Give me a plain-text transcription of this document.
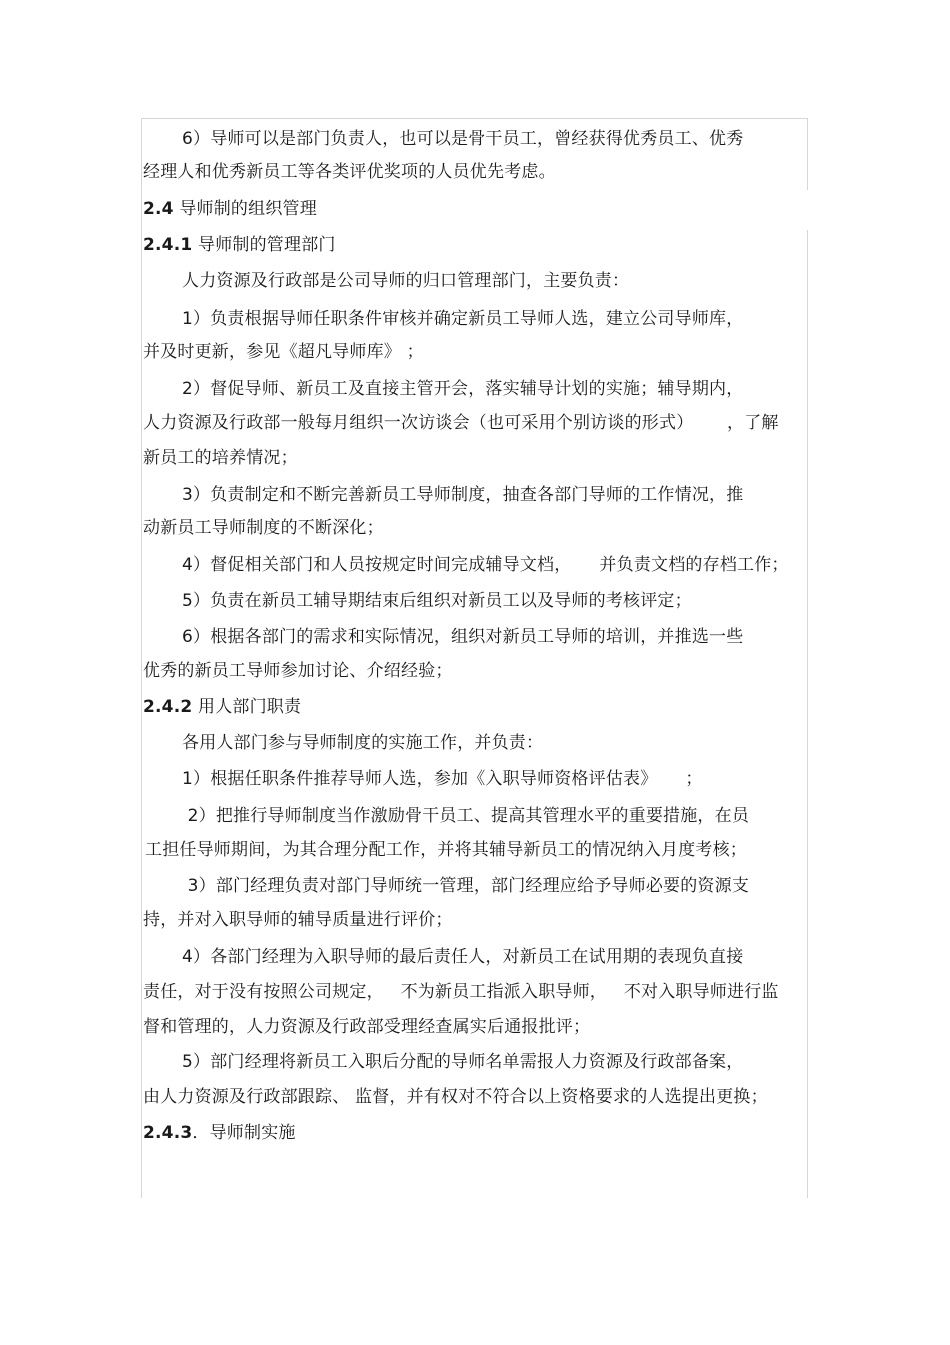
6）导师可以是部门负责人，也可以是骨干员工，曾经获得优秀员工、优秀
经理人和优秀新员工等各类评优奖项的人员优先考虑。
2.4 导师制的组织管理
2.4.1 导师制的管理部门
人力资源及行政部是公司导师的归口管理部门，主要负责：
1）负责根据导师任职条件审核并确定新员工导师人选，建立公司导师库，
并及时更新，参见《超凡导师库》 ；
2）督促导师、新员工及直接主管开会，落实辅导计划的实施；辅导期内，
人力资源及行政部一般每月组织一次访谈会（也可采用个别访谈的形式）      ，了解
新员工的培养情况；
3）负责制定和不断完善新员工导师制度，抽查各部门导师的工作情况，推
动新员工导师制度的不断深化；
4）督促相关部门和人员按规定时间完成辅导文档，     并负责文档的存档工作；
5）负责在新员工辅导期结束后组织对新员工以及导师的考核评定；
6）根据各部门的需求和实际情况，组织对新员工导师的培训，并推选一些
优秀的新员工导师参加讨论、介绍经验；
2.4.2 用人部门职责
各用人部门参与导师制度的实施工作，并负责：
1）根据任职条件推荐导师人选，参加《入职导师资格评估表》     ；
2）把推行导师制度当作激励骨干员工、提高其管理水平的重要措施，在员
工担任导师期间，为其合理分配工作，并将其辅导新员工的情况纳入月度考核；
3）部门经理负责对部门导师统一管理，部门经理应给予导师必要的资源支
持，并对入职导师的辅导质量进行评价；
4）各部门经理为入职导师的最后责任人，对新员工在试用期的表现负直接
责任，对于没有按照公司规定，   不为新员工指派入职导师，   不对入职导师进行监
督和管理的，人力资源及行政部受理经查属实后通报批评；
5）部门经理将新员工入职后分配的导师名单需报人力资源及行政部备案，
由人力资源及行政部跟踪、 监督，并有权对不符合以上资格要求的人选提出更换；
2.4.3．导师制实施
